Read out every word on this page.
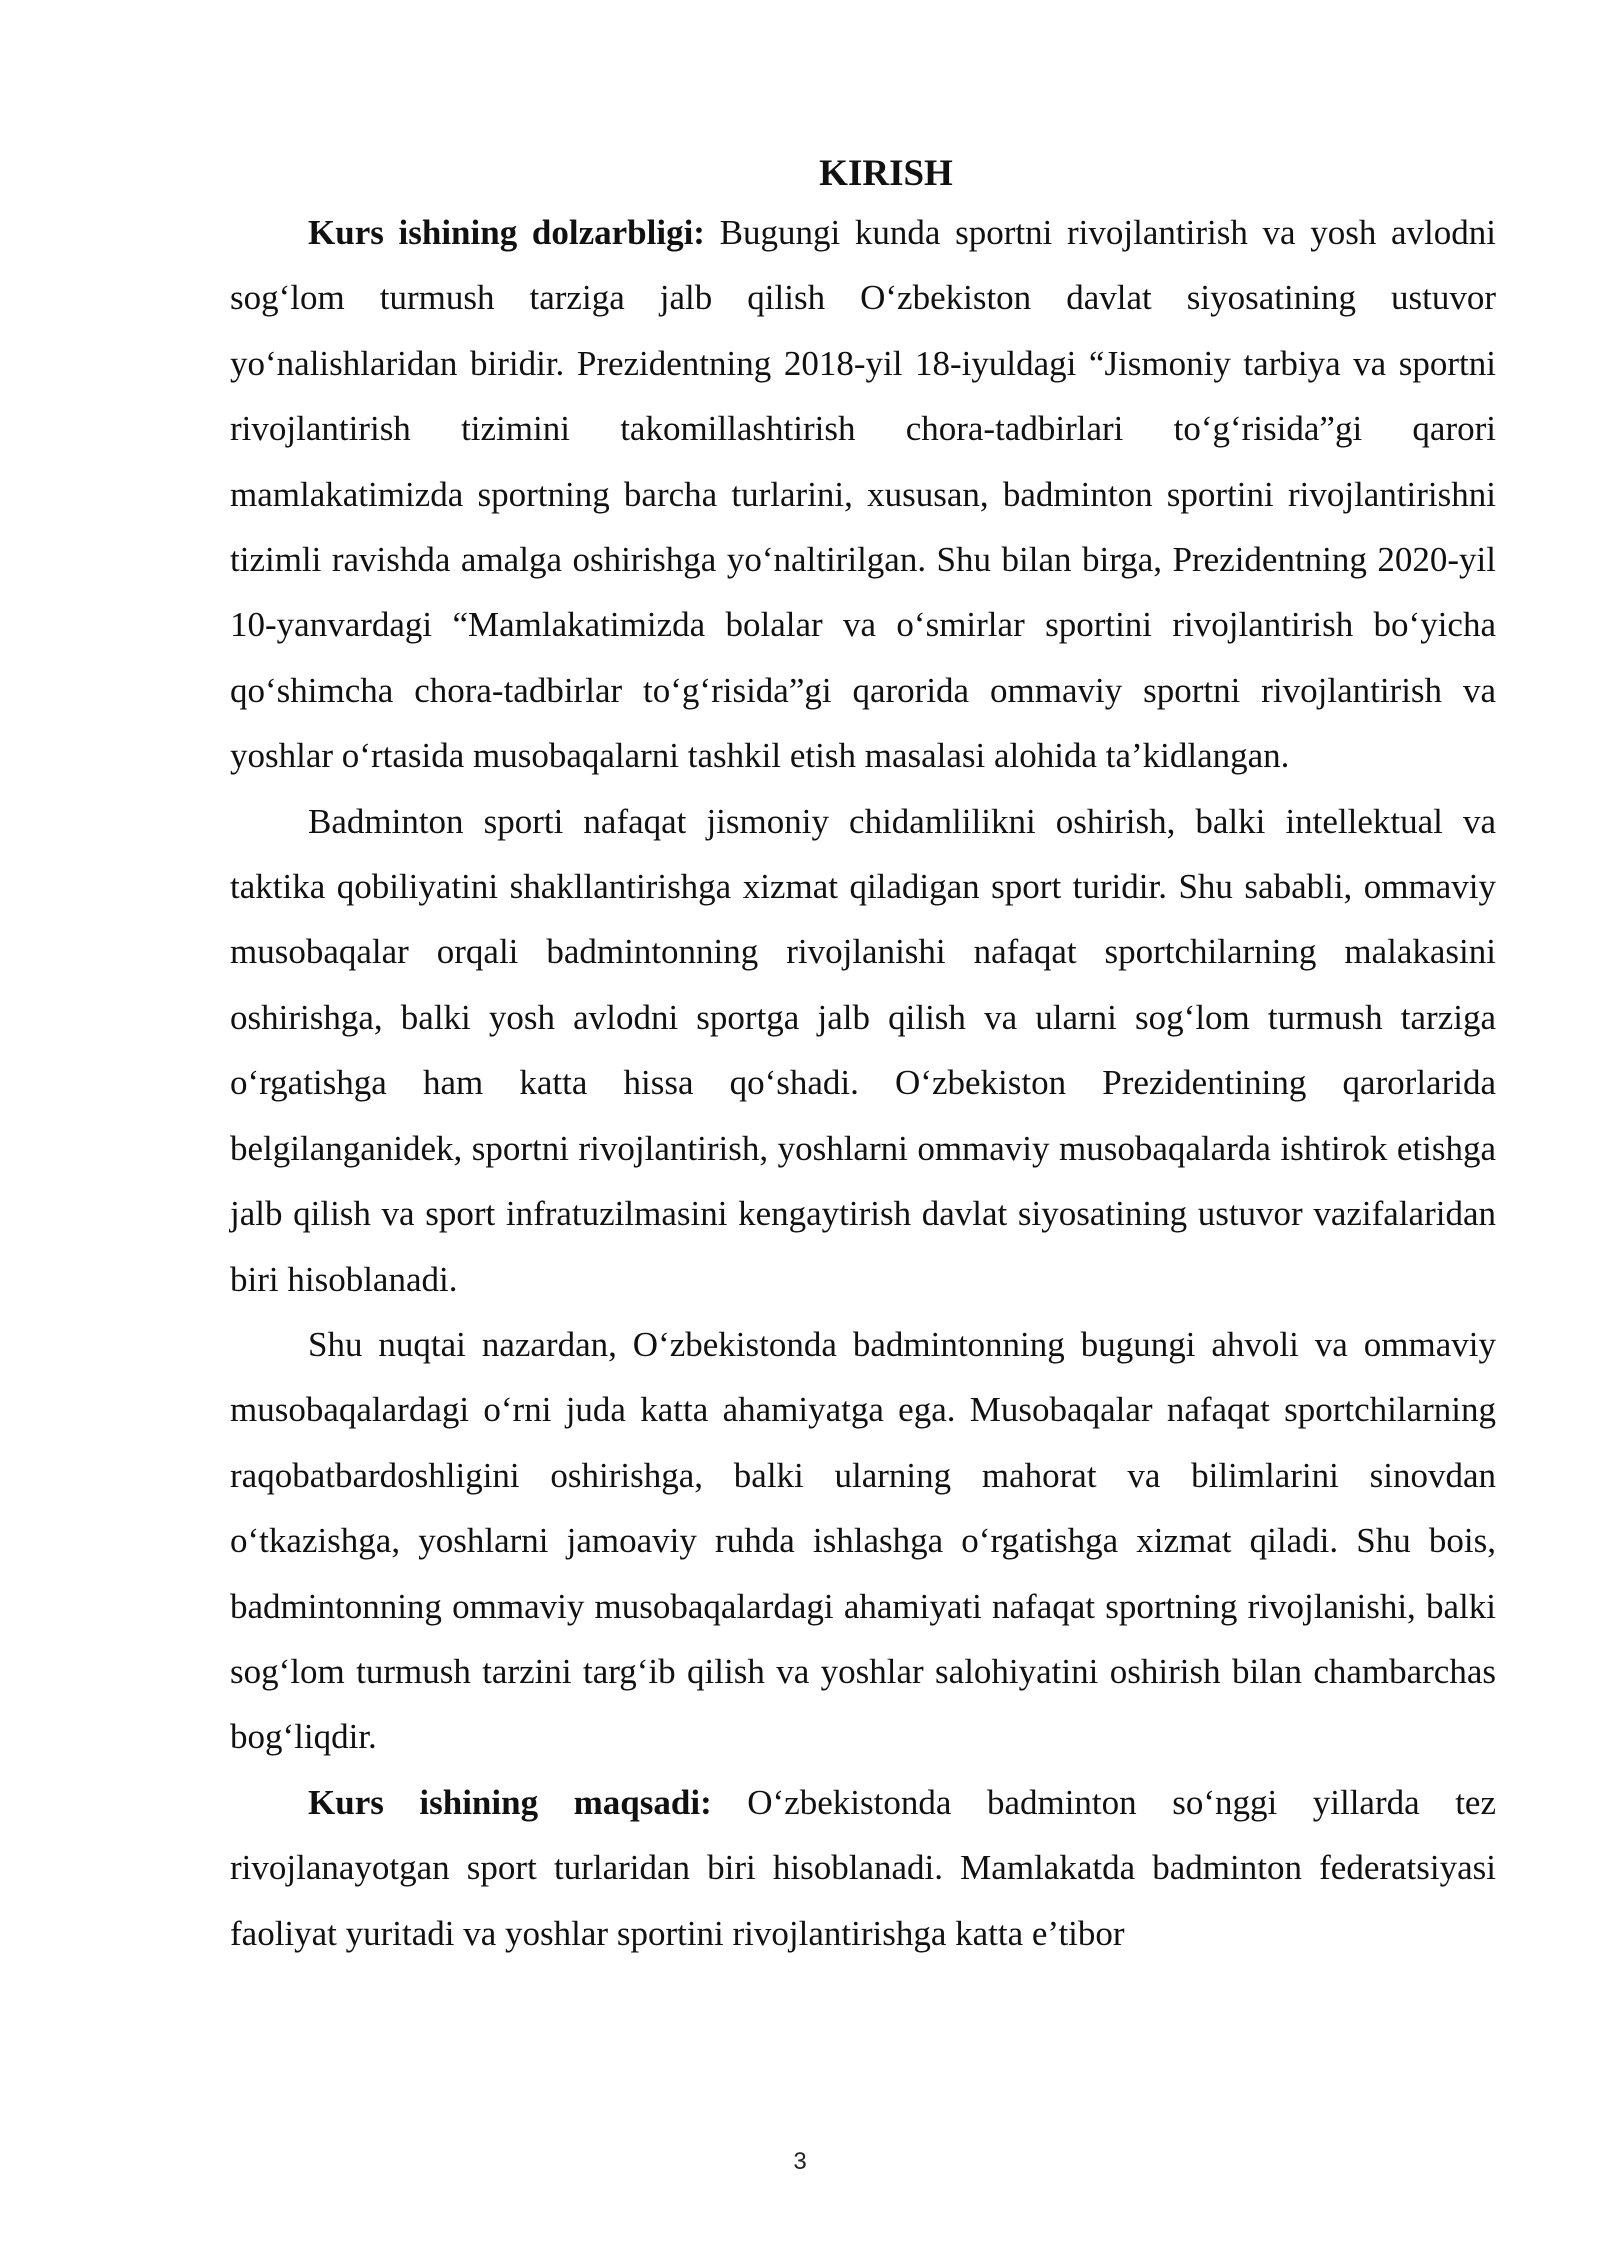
KIRISH

Kurs ishining dolzarbligi: Bugungi kunda sportni rivojlantirish va yosh avlodni sog‘lom turmush tarziga jalb qilish O‘zbekiston davlat siyosatining ustuvor yo‘nalishlaridan biridir. Prezidentning 2018-yil 18-iyuldagi “Jismoniy tarbiya va sportni rivojlantirish tizimini takomillashtirish chora-tadbirlari to‘g‘risida”gi qarori mamlakatimizda sportning barcha turlarini, xususan, badminton sportini rivojlantirishni tizimli ravishda amalga oshirishga yo‘naltirilgan. Shu bilan birga, Prezidentning 2020-yil 10-yanvardagi “Mamlakatimizda bolalar va o‘smirlar sportini rivojlantirish bo‘yicha qo‘shimcha chora-tadbirlar to‘g‘risida”gi qarorida ommaviy sportni rivojlantirish va yoshlar o‘rtasida musobaqalarni tashkil etish masalasi alohida ta’kidlangan.

Badminton sporti nafaqat jismoniy chidamlilikni oshirish, balki intellektual va taktika qobiliyatini shakllantirishga xizmat qiladigan sport turidir. Shu sababli, ommaviy musobaqalar orqali badmintonning rivojlanishi nafaqat sportchilarning malakasini oshirishga, balki yosh avlodni sportga jalb qilish va ularni sog‘lom turmush tarziga o‘rgatishga ham katta hissa qo‘shadi. O‘zbekiston Prezidentining qarorlarida belgilanganidek, sportni rivojlantirish, yoshlarni ommaviy musobaqalarda ishtirok etishga jalb qilish va sport infratuzilmasini kengaytirish davlat siyosatining ustuvor vazifalaridan biri hisoblanadi.

Shu nuqtai nazardan, O‘zbekistonda badmintonning bugungi ahvoli va ommaviy musobaqalardagi o‘rni juda katta ahamiyatga ega. Musobaqalar nafaqat sportchilarning raqobatbardoshligini oshirishga, balki ularning mahorat va bilimlarini sinovdan o‘tkazishga, yoshlarni jamoaviy ruhda ishlashga o‘rgatishga xizmat qiladi. Shu bois, badmintonning ommaviy musobaqalardagi ahamiyati nafaqat sportning rivojlanishi, balki sog‘lom turmush tarzini targ‘ib qilish va yoshlar salohiyatini oshirish bilan chambarchas bog‘liqdir.

Kurs ishining maqsadi: O‘zbekistonda badminton so‘nggi yillarda tez rivojlanayotgan sport turlaridan biri hisoblanadi. Mamlakatda badminton federatsiyasi faoliyat yuritadi va yoshlar sportini rivojlantirishga katta e’tibor

3
